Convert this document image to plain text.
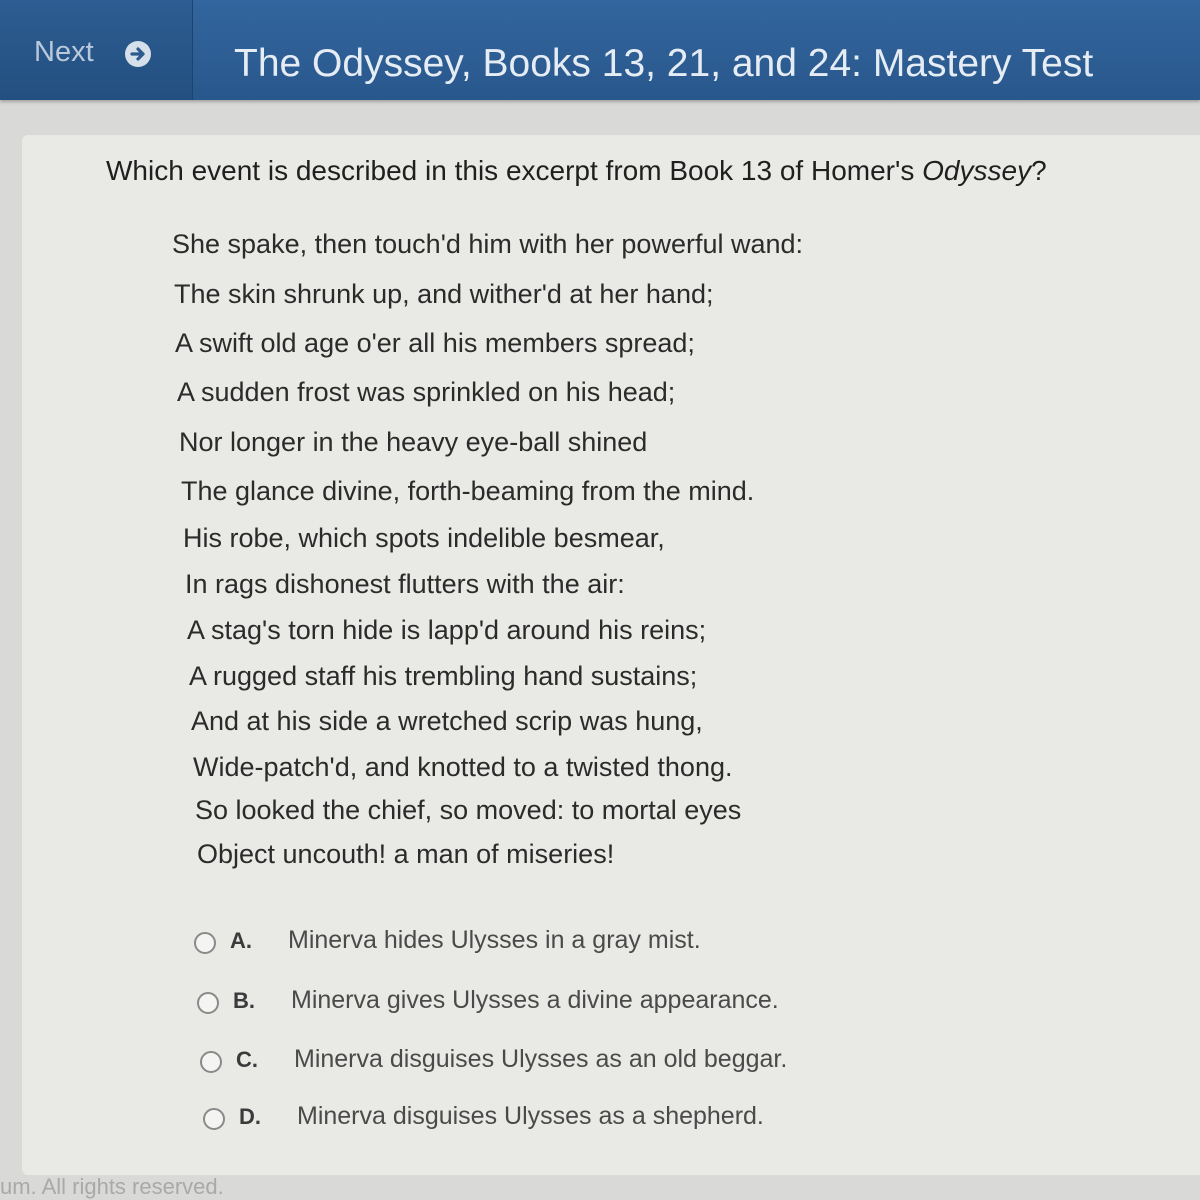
Next	The Odyssey, Books 13, 21, and 24: Mastery Test
Which event is described in this excerpt from Book 13 of Homer's Odyssey?
She spake, then touch'd him with her powerful wand:
The skin shrunk up, and wither'd at her hand;
A swift old age o'er all his members spread;
A sudden frost was sprinkled on his head;
Nor longer in the heavy eye-ball shined
The glance divine, forth-beaming from the mind.
His robe, which spots indelible besmear,
In rags dishonest flutters with the air:
A stag's torn hide is lapp'd around his reins;
A rugged staff his trembling hand sustains;
And at his side a wretched scrip was hung,
Wide-patch'd, and knotted to a twisted thong.
So looked the chief, so moved: to mortal eyes
Object uncouth! a man of miseries!
A. Minerva hides Ulysses in a gray mist.
B. Minerva gives Ulysses a divine appearance.
C. Minerva disguises Ulysses as an old beggar.
D. Minerva disguises Ulysses as a shepherd.
um. All rights reserved.
